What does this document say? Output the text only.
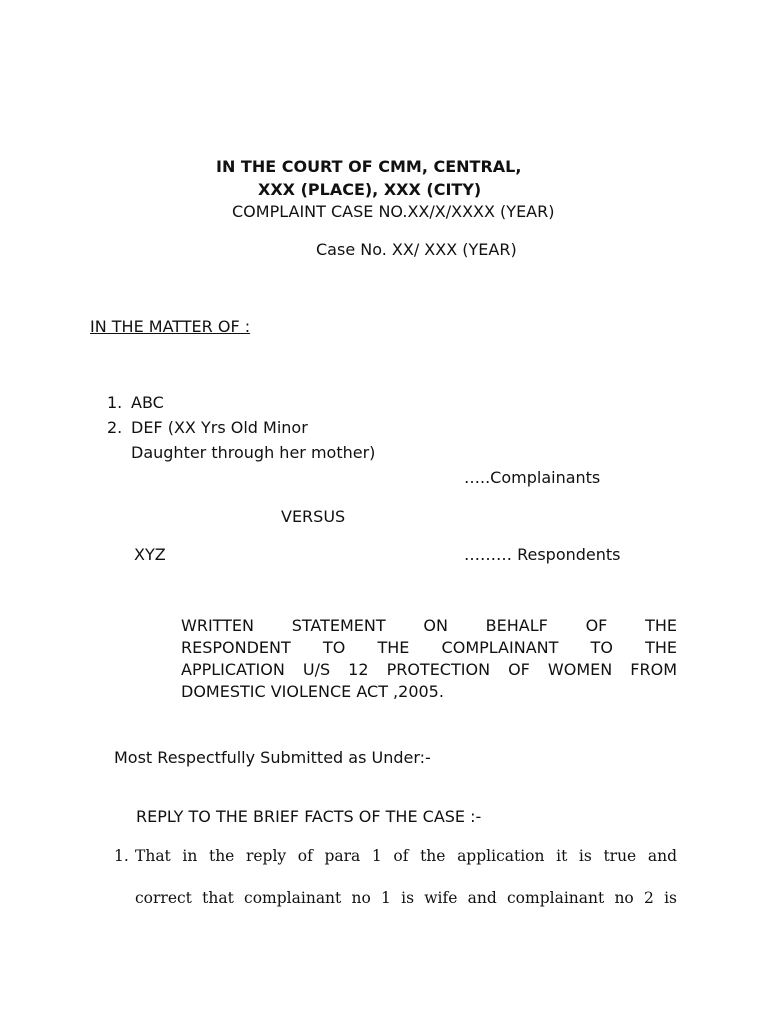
IN THE COURT OF CMM, CENTRAL,
XXX (PLACE), XXX (CITY)
COMPLAINT CASE NO.XX/X/XXXX (YEAR)
Case No. XX/ XXX (YEAR)
IN THE MATTER OF :
1. ABC
2. DEF (XX Yrs Old Minor
Daughter through her mother)
…..Complainants
VERSUS
XYZ	……… Respondents
WRITTEN STATEMENT ON BEHALF OF THE
RESPONDENT TO THE COMPLAINANT TO THE
APPLICATION U/S 12 PROTECTION OF WOMEN FROM
DOMESTIC VIOLENCE ACT ,2005.
Most Respectfully Submitted as Under:-
REPLY TO THE BRIEF FACTS OF THE CASE :-
1. That in the reply of para 1 of the application it is true and
correct that complainant no 1 is wife and complainant no 2 is
